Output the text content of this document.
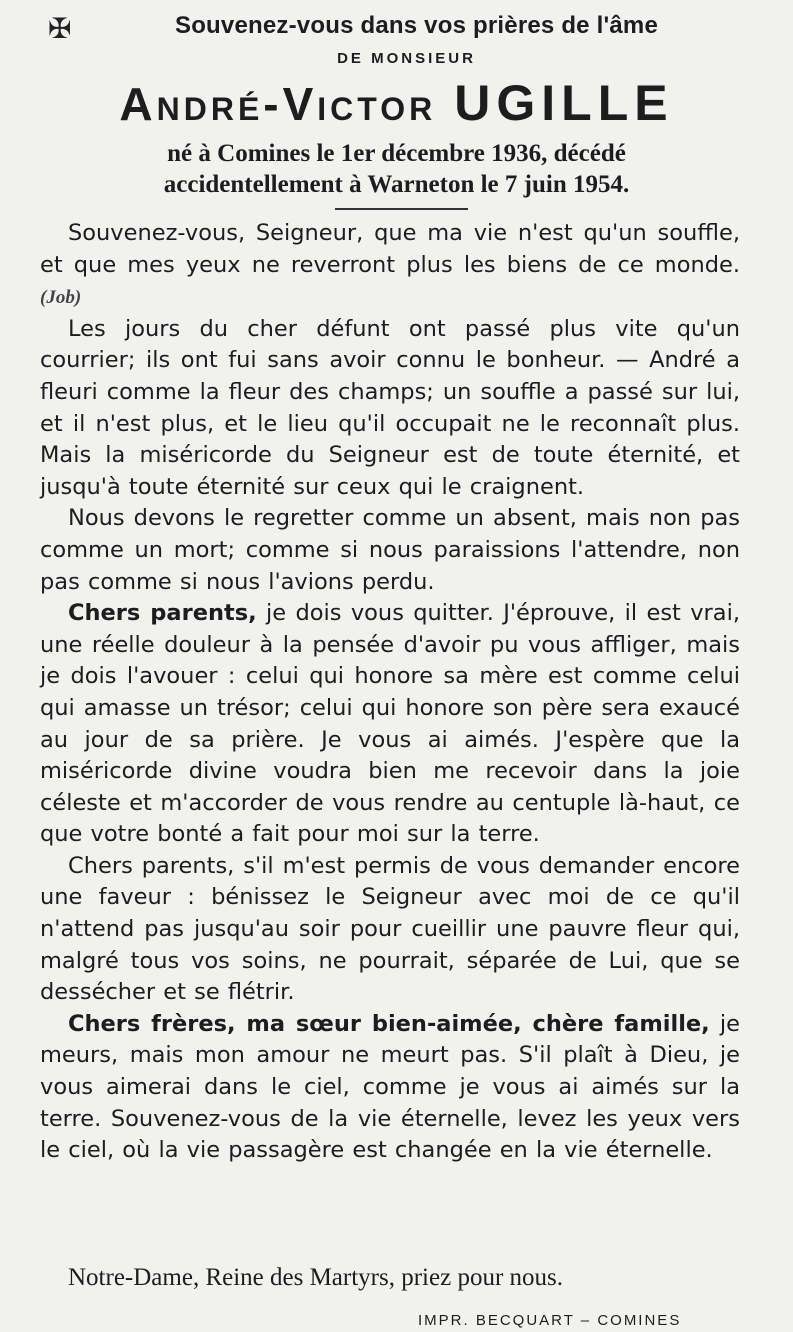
✠	Souvenez-vous dans vos prières de l'âme
DE MONSIEUR
André-Victor UGILLE
né à Comines le 1er décembre 1936, décédé
accidentellement à Warneton le 7 juin 1954.

Souvenez-vous, Seigneur, que ma vie n'est qu'un souffle, et que mes yeux ne reverront plus les biens de ce monde. (Job)

Les jours du cher défunt ont passé plus vite qu'un courrier; ils ont fui sans avoir connu le bonheur. — André a fleuri comme la fleur des champs; un souffle a passé sur lui, et il n'est plus, et le lieu qu'il occupait ne le reconnaît plus. Mais la miséricorde du Seigneur est de toute éternité, et jusqu'à toute éternité sur ceux qui le craignent.

Nous devons le regretter comme un absent, mais non pas comme un mort; comme si nous paraissions l'attendre, non pas comme si nous l'avions perdu.

Chers parents, je dois vous quitter. J'éprouve, il est vrai, une réelle douleur à la pensée d'avoir pu vous affliger, mais je dois l'avouer : celui qui honore sa mère est comme celui qui amasse un trésor; celui qui honore son père sera exaucé au jour de sa prière. Je vous ai aimés. J'espère que la miséricorde divine voudra bien me recevoir dans la joie céleste et m'accorder de vous rendre au centuple là-haut, ce que votre bonté a fait pour moi sur la terre.

Chers parents, s'il m'est permis de vous demander encore une faveur : bénissez le Seigneur avec moi de ce qu'il n'attend pas jusqu'au soir pour cueillir une pauvre fleur qui, malgré tous vos soins, ne pourrait, séparée de Lui, que se dessécher et se flétrir.

Chers frères, ma sœur bien-aimée, chère famille, je meurs, mais mon amour ne meurt pas. S'il plaît à Dieu, je vous aimerai dans le ciel, comme je vous ai aimés sur la terre. Souvenez-vous de la vie éternelle, levez les yeux vers le ciel, où la vie passagère est changée en la vie éternelle.

Notre-Dame, Reine des Martyrs, priez pour nous.
IMPR. BECQUART – COMINES
